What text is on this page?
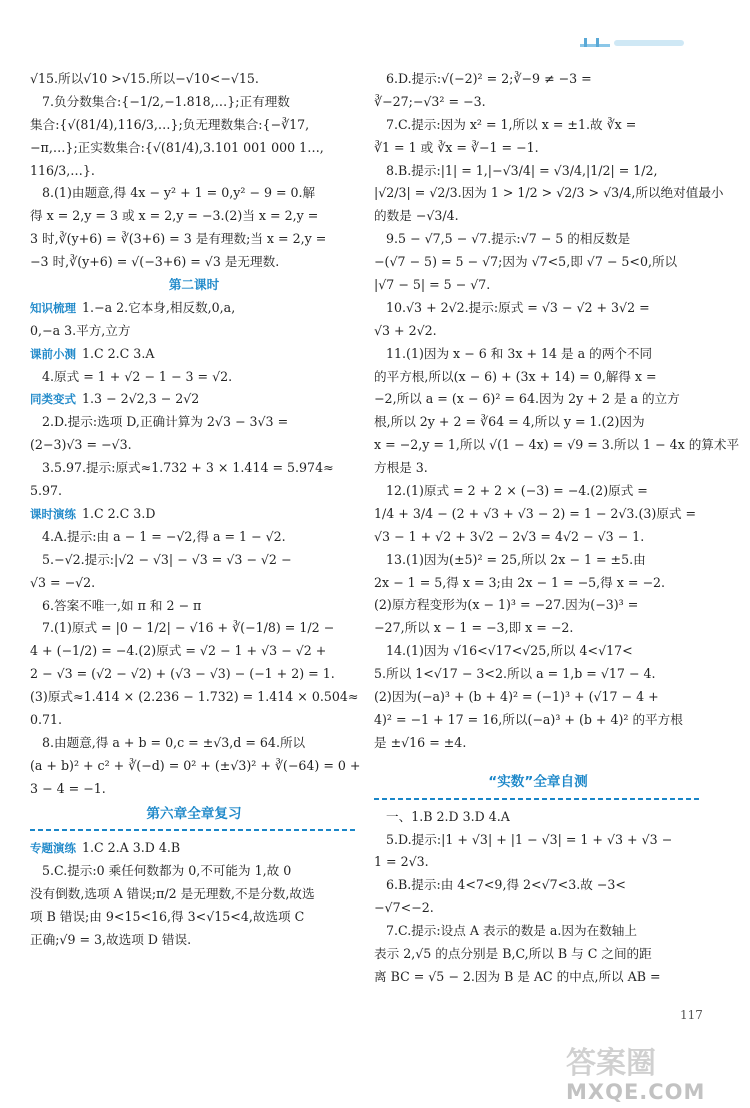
√15.所以√10 >√15.所以−√10<−√15.
7.负分数集合:{−1/2,−1.818,…};正有理数
集合:{√(81/4),116/3,…};负无理数集合:{−∛17,
−π,…};正实数集合:{√(81/4),3.101 001 000 1…,
116/3,…}.
8.(1)由题意,得 4x − y² + 1 = 0,y² − 9 = 0.解
得 x = 2,y = 3 或 x = 2,y = −3.(2)当 x = 2,y =
3 时,∛(y+6) = ∛(3+6) = 3 是有理数;当 x = 2,y =
−3 时,∛(y+6) = √(−3+6) = √3 是无理数.
第二课时
知识梳理 1.−a 2.它本身,相反数,0,a,
0,−a 3.平方,立方
课前小测 1.C 2.C 3.A
4.原式 = 1 + √2 − 1 − 3 = √2.
同类变式 1.3 − 2√2,3 − 2√2
2.D.提示:选项 D,正确计算为 2√3 − 3√3 =
(2−3)√3 = −√3.
3.5.97.提示:原式≈1.732 + 3 × 1.414 = 5.974≈
5.97.
课时演练 1.C 2.C 3.D
4.A.提示:由 a − 1 = −√2,得 a = 1 − √2.
5.−√2.提示:|√2 − √3| − √3 = √3 − √2 −
√3 = −√2.
6.答案不唯一,如 π 和 2 − π
7.(1)原式 = |0 − 1/2| − √16 + ∛(−1/8) = 1/2 −
4 + (−1/2) = −4.(2)原式 = √2 − 1 + √3 − √2 +
2 − √3 = (√2 − √2) + (√3 − √3) − (−1 + 2) = 1.
(3)原式≈1.414 × (2.236 − 1.732) = 1.414 × 0.504≈
0.71.
8.由题意,得 a + b = 0,c = ±√3,d = 64.所以
(a + b)² + c² + ∛(−d) = 0² + (±√3)² + ∛(−64) = 0 +
3 − 4 = −1.
第六章全章复习
专题演练 1.C 2.A 3.D 4.B
5.C.提示:0 乘任何数都为 0,不可能为 1,故 0
没有倒数,选项 A 错误;π/2 是无理数,不是分数,故选
项 B 错误;由 9<15<16,得 3<√15<4,故选项 C
正确;√9 = 3,故选项 D 错误.
6.D.提示:√(−2)² = 2;∛−9 ≠ −3 =
∛−27;−√3² = −3.
7.C.提示:因为 x² = 1,所以 x = ±1.故 ∛x =
∛1 = 1 或 ∛x = ∛−1 = −1.
8.B.提示:|1| = 1,|−√3/4| = √3/4,|1/2| = 1/2,
|√2/3| = √2/3.因为 1 > 1/2 > √2/3 > √3/4,所以绝对值最小
的数是 −√3/4.
9.5 − √7,5 − √7.提示:√7 − 5 的相反数是
−(√7 − 5) = 5 − √7;因为 √7<5,即 √7 − 5<0,所以
|√7 − 5| = 5 − √7.
10.√3 + 2√2.提示:原式 = √3 − √2 + 3√2 =
√3 + 2√2.
11.(1)因为 x − 6 和 3x + 14 是 a 的两个不同
的平方根,所以(x − 6) + (3x + 14) = 0,解得 x =
−2,所以 a = (x − 6)² = 64.因为 2y + 2 是 a 的立方
根,所以 2y + 2 = ∛64 = 4,所以 y = 1.(2)因为
x = −2,y = 1,所以 √(1 − 4x) = √9 = 3.所以 1 − 4x 的算术平
方根是 3.
12.(1)原式 = 2 + 2 × (−3) = −4.(2)原式 =
1/4 + 3/4 − (2 + √3 + √3 − 2) = 1 − 2√3.(3)原式 =
√3 − 1 + √2 + 3√2 − 2√3 = 4√2 − √3 − 1.
13.(1)因为(±5)² = 25,所以 2x − 1 = ±5.由
2x − 1 = 5,得 x = 3;由 2x − 1 = −5,得 x = −2.
(2)原方程变形为(x − 1)³ = −27.因为(−3)³ =
−27,所以 x − 1 = −3,即 x = −2.
14.(1)因为 √16<√17<√25,所以 4<√17<
5.所以 1<√17 − 3<2.所以 a = 1,b = √17 − 4.
(2)因为(−a)³ + (b + 4)² = (−1)³ + (√17 − 4 +
4)² = −1 + 17 = 16,所以(−a)³ + (b + 4)² 的平方根
是 ±√16 = ±4.
“实数”全章自测
一、1.B 2.D 3.D 4.A
5.D.提示:|1 + √3| + |1 − √3| = 1 + √3 + √3 −
1 = 2√3.
6.B.提示:由 4<7<9,得 2<√7<3.故 −3<
−√7<−2.
7.C.提示:设点 A 表示的数是 a.因为在数轴上
表示 2,√5 的点分别是 B,C,所以 B 与 C 之间的距
离 BC = √5 − 2.因为 B 是 AC 的中点,所以 AB =
117
答案圈
MXQE.COM
